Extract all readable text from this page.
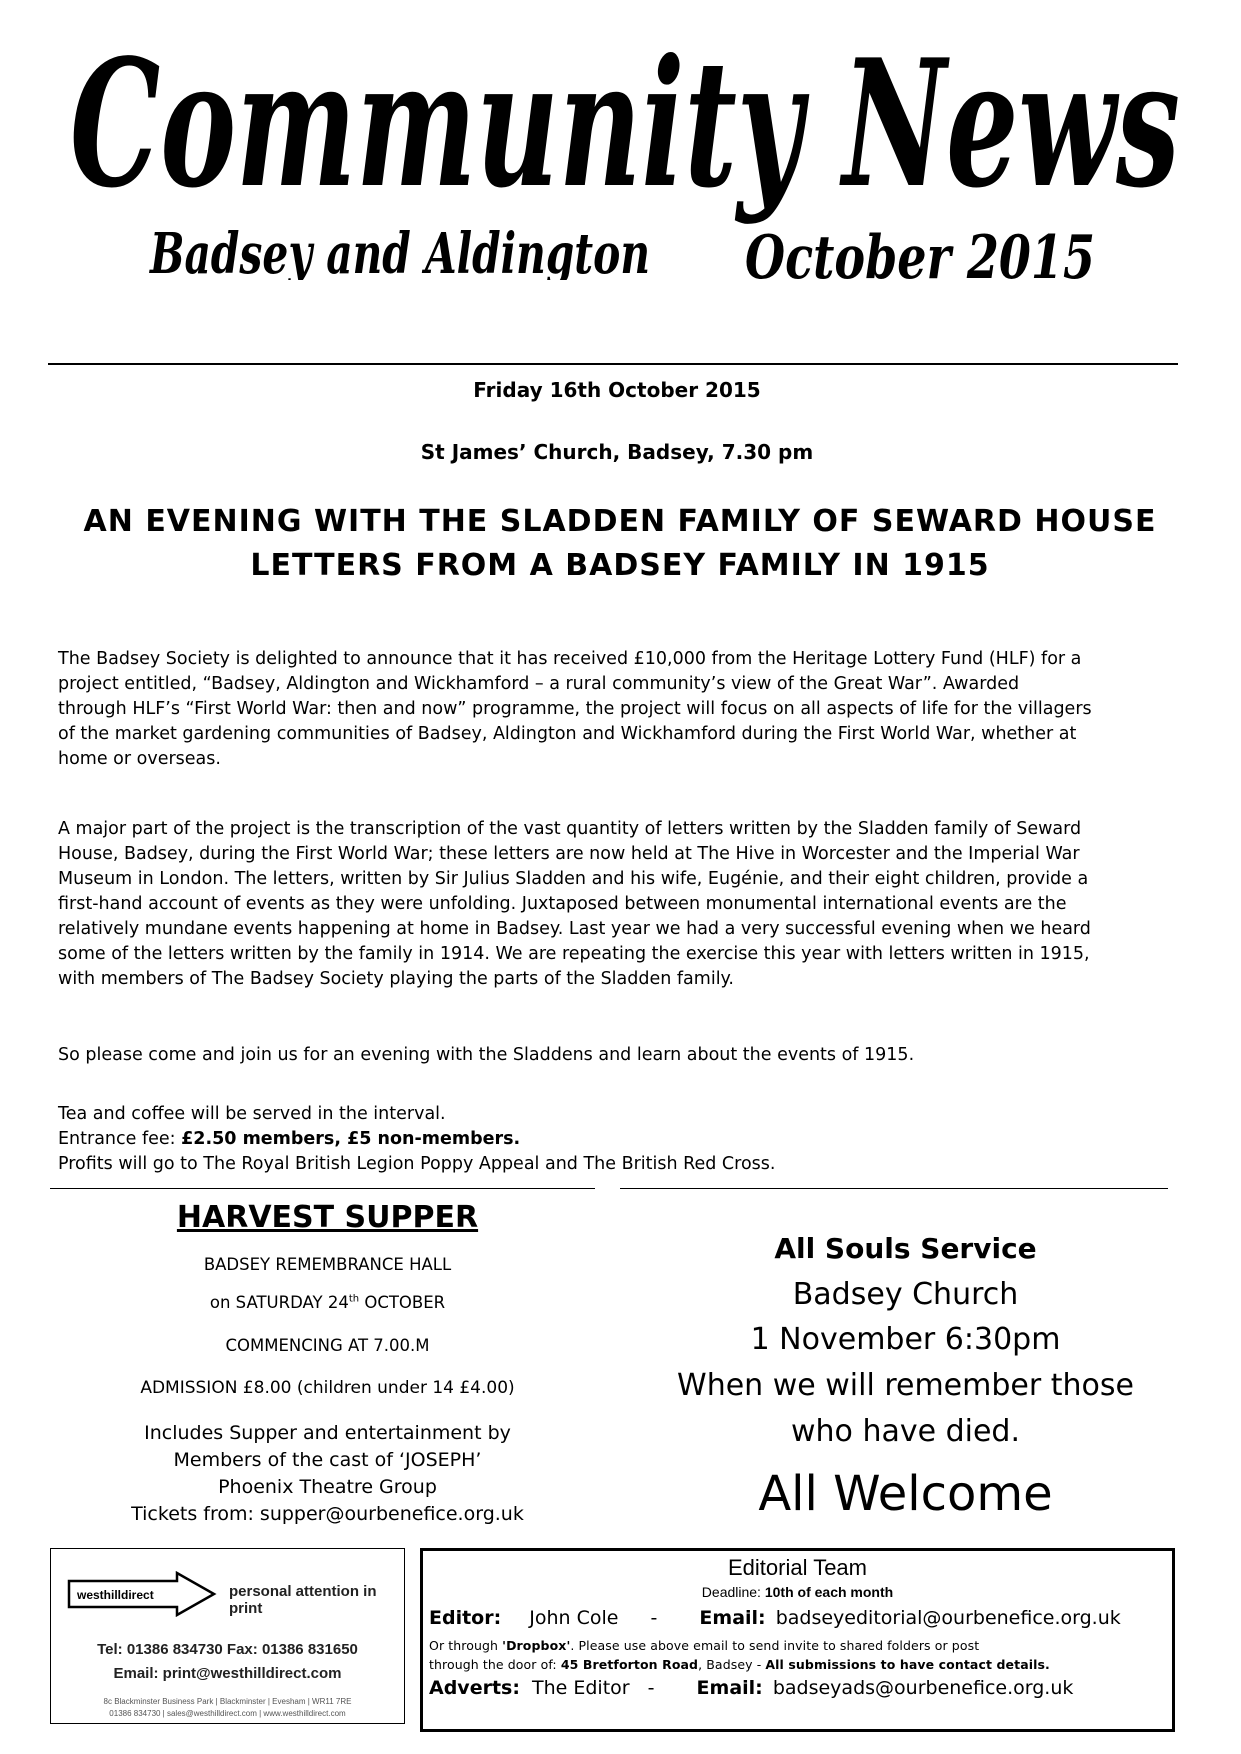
Community News
Badsey and Aldington October 2015
Friday 16th October 2015
St James’ Church, Badsey, 7.30 pm
AN EVENING WITH THE SLADDEN FAMILY OF SEWARD HOUSE
LETTERS FROM A BADSEY FAMILY IN 1915
The Badsey Society is delighted to announce that it has received £10,000 from the Heritage Lottery Fund (HLF) for a
project entitled, “Badsey, Aldington and Wickhamford – a rural community’s view of the Great War”. Awarded
through HLF’s “First World War: then and now” programme, the project will focus on all aspects of life for the villagers
of the market gardening communities of Badsey, Aldington and Wickhamford during the First World War, whether at
home or overseas.
A major part of the project is the transcription of the vast quantity of letters written by the Sladden family of Seward
House, Badsey, during the First World War; these letters are now held at The Hive in Worcester and the Imperial War
Museum in London. The letters, written by Sir Julius Sladden and his wife, Eugénie, and their eight children, provide a
first-hand account of events as they were unfolding. Juxtaposed between monumental international events are the
relatively mundane events happening at home in Badsey. Last year we had a very successful evening when we heard
some of the letters written by the family in 1914. We are repeating the exercise this year with letters written in 1915,
with members of The Badsey Society playing the parts of the Sladden family.
So please come and join us for an evening with the Sladdens and learn about the events of 1915.
Tea and coffee will be served in the interval.
Entrance fee: £2.50 members, £5 non-members.
Profits will go to The Royal British Legion Poppy Appeal and The British Red Cross.
HARVEST SUPPER
BADSEY REMEMBRANCE HALL
on SATURDAY 24th OCTOBER
COMMENCING AT 7.00.M
ADMISSION £8.00 (children under 14 £4.00)
Includes Supper and entertainment by
Members of the cast of ‘JOSEPH’
Phoenix Theatre Group
Tickets from: supper@ourbenefice.org.uk
All Souls Service
Badsey Church
1 November 6:30pm
When we will remember those
who have died.
All Welcome
westhilldirect	personal attention in print
Tel: 01386 834730 Fax: 01386 831650
Email: print@westhilldirect.com
8c Blackminster Business Park | Blackminster | Evesham | WR11 7RE
01386 834730 | sales@westhilldirect.com | www.westhilldirect.com
Editorial Team
Deadline: 10th of each month
Editor: John Cole - Email: badseyeditorial@ourbenefice.org.uk
Or through 'Dropbox'. Please use above email to send invite to shared folders or post
through the door of: 45 Bretforton Road, Badsey - All submissions to have contact details.
Adverts: The Editor - Email: badseyads@ourbenefice.org.uk
